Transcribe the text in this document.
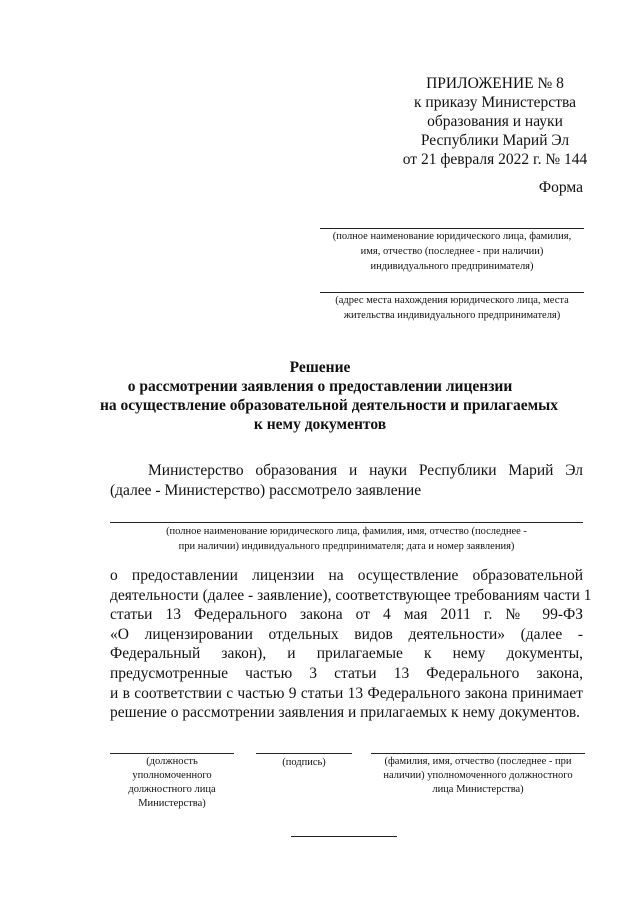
ПРИЛОЖЕНИЕ № 8
к приказу Министерства
образования и науки
Республики Марий Эл
от 21 февраля 2022 г. № 144
Форма
(полное наименование юридического лица, фамилия,
имя, отчество (последнее - при наличии)
индивидуального предпринимателя)
(адрес места нахождения юридического лица, места
жительства индивидуального предпринимателя)
Решение
о рассмотрении заявления о предоставлении лицензии
на осуществление образовательной деятельности и прилагаемых
к нему документов
Министерство образования и науки Республики Марий Эл
(далее - Министерство) рассмотрело заявление
(полное наименование юридического лица, фамилия, имя, отчество (последнее -
при наличии) индивидуального предпринимателя; дата и номер заявления)
о предоставлении лицензии на осуществление образовательной
деятельности (далее - заявление), соответствующее требованиям части 1
статьи 13 Федерального закона от 4 мая 2011 г. № 99-ФЗ
«О лицензировании отдельных видов деятельности» (далее -
Федеральный закон), и прилагаемые к нему документы,
предусмотренные частью 3 статьи 13 Федерального закона,
и в соответствии с частью 9 статьи 13 Федерального закона принимает
решение о рассмотрении заявления и прилагаемых к нему документов.
(должность
уполномоченного
должностного лица
Министерства)
(подпись)	(фамилия, имя, отчество (последнее - при
наличии) уполномоченного должностного
лица Министерства)
